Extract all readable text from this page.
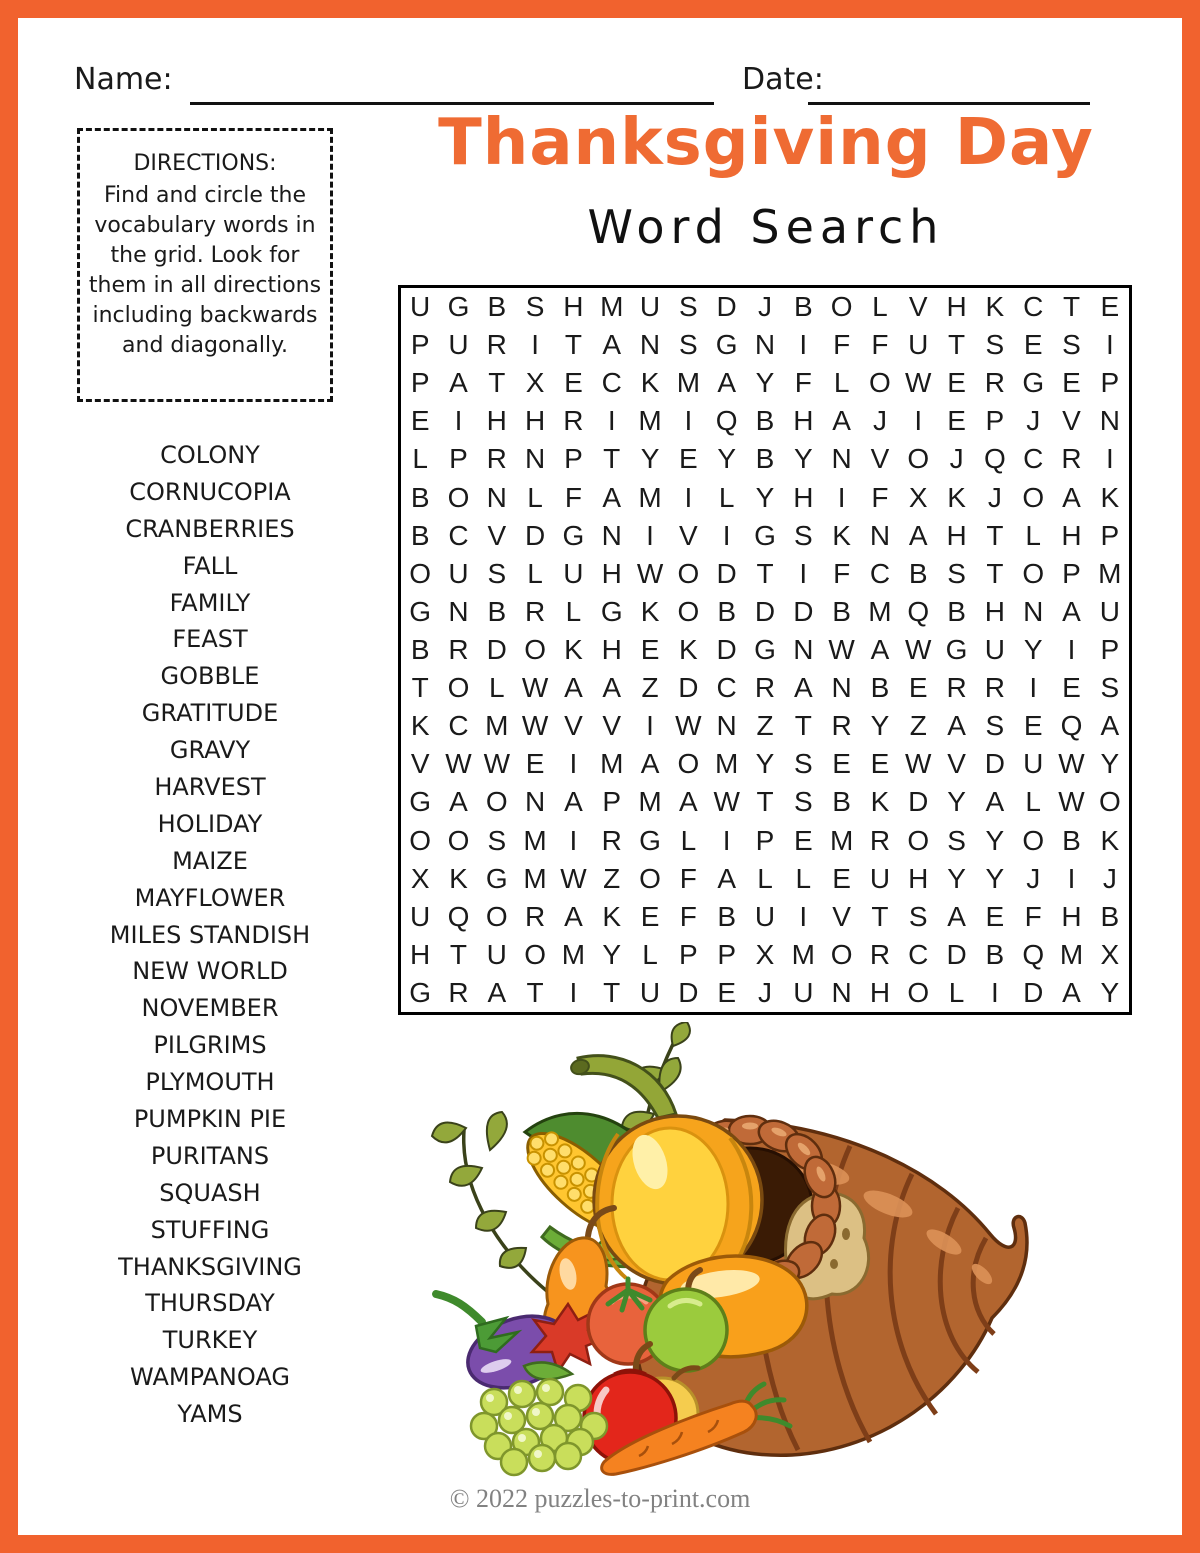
Name:	Date:
DIRECTIONS:
Find and circle the vocabulary words in the grid. Look for them in all directions including backwards and diagonally.
Thanksgiving Day
Word Search
U G B S H M U S D J B O L V H K C T E
P U R I T A N S G N I F F U T S E S I
P A T X E C K M A Y F L O W E R G E P
E I H H R I M I Q B H A J I E P J V N
L P R N P T Y E Y B Y N V O J Q C R I
B O N L F A M I L Y H I F X K J O A K
B C V D G N I V I G S K N A H T L H P
O U S L U H W O D T I F C B S T O P M
G N B R L G K O B D D B M Q B H N A U
B R D O K H E K D G N W A W G U Y I P
T O L W A A Z D C R A N B E R R I E S
K C M W V V I W N Z T R Y Z A S E Q A
V W W E I M A O M Y S E E W V D U W Y
G A O N A P M A W T S B K D Y A L W O
O O S M I R G L I P E M R O S Y O B K
X K G M W Z O F A L L E U H Y Y J I J
U Q O R A K E F B U I V T S A E F H B
H T U O M Y L P P X M O R C D B Q M X
G R A T I T U D E J U N H O L I D A Y
COLONY
CORNUCOPIA
CRANBERRIES
FALL
FAMILY
FEAST
GOBBLE
GRATITUDE
GRAVY
HARVEST
HOLIDAY
MAIZE
MAYFLOWER
MILES STANDISH
NEW WORLD
NOVEMBER
PILGRIMS
PLYMOUTH
PUMPKIN PIE
PURITANS
SQUASH
STUFFING
THANKSGIVING
THURSDAY
TURKEY
WAMPANOAG
YAMS
© 2022 puzzles-to-print.com
